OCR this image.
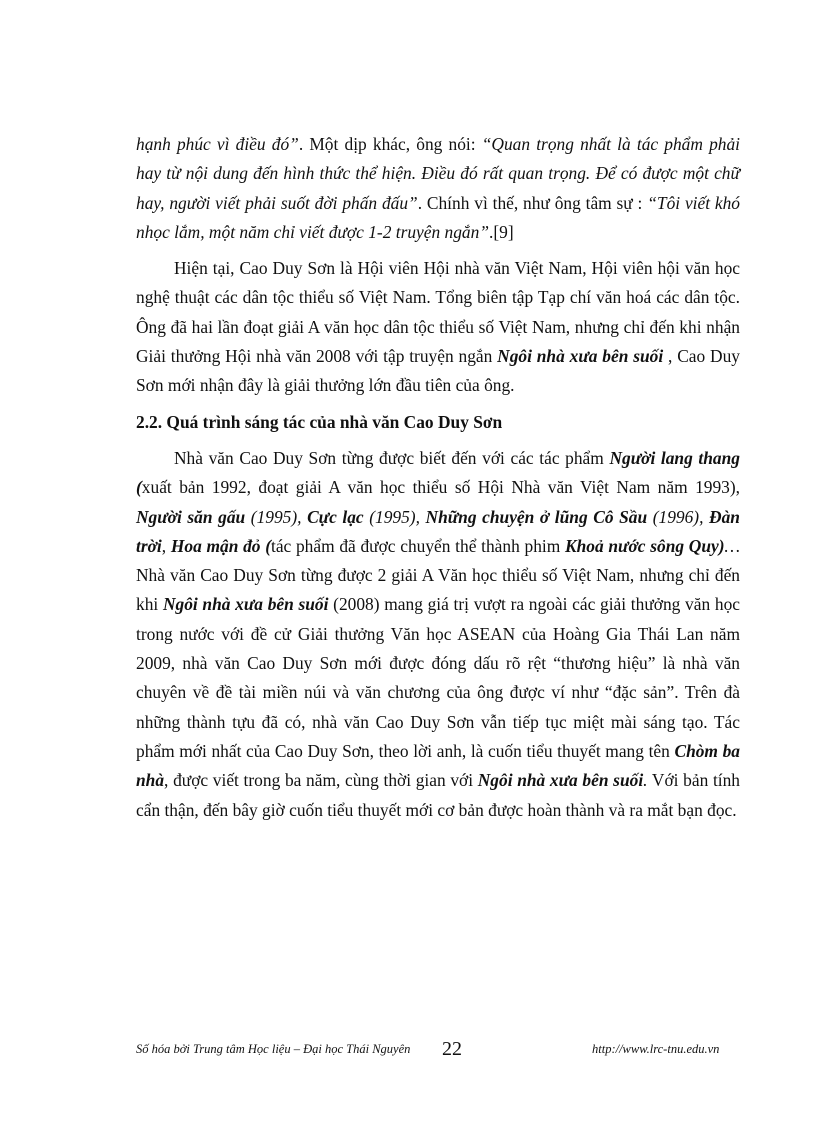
hạnh phúc vì điều đó”. Một dịp khác, ông nói: “Quan trọng nhất là tác phẩm phải hay từ nội dung đến hình thức thể hiện. Điều đó rất quan trọng. Để có được một chữ hay, người viết phải suốt đời phấn đấu”. Chính vì thế, như ông tâm sự : “Tôi viết khó nhọc lắm, một năm chỉ viết được 1-2 truyện ngắn”.[9]

Hiện tại, Cao Duy Sơn là Hội viên Hội nhà văn Việt Nam, Hội viên hội văn học nghệ thuật các dân tộc thiểu số Việt Nam. Tổng biên tập Tạp chí văn hoá các dân tộc. Ông đã hai lần đoạt giải A văn học dân tộc thiểu số Việt Nam, nhưng chỉ đến khi nhận Giải thưởng Hội nhà văn 2008 với tập truyện ngắn Ngôi nhà xưa bên suối , Cao Duy Sơn mới nhận đây là giải thưởng lớn đầu tiên của ông.

2.2. Quá trình sáng tác của nhà văn Cao Duy Sơn

Nhà văn Cao Duy Sơn từng được biết đến với các tác phẩm Người lang thang (xuất bản 1992, đoạt giải A văn học thiểu số Hội Nhà văn Việt Nam năm 1993), Người săn gấu (1995), Cực lạc (1995), Những chuyện ở lũng Cô Sầu (1996), Đàn trời, Hoa mận đỏ (tác phẩm đã được chuyển thể thành phim Khoả nước sông Quy)…Nhà văn Cao Duy Sơn từng được 2 giải A Văn học thiểu số Việt Nam, nhưng chỉ đến khi Ngôi nhà xưa bên suối (2008) mang giá trị vượt ra ngoài các giải thưởng văn học trong nước với đề cử Giải thưởng Văn học ASEAN của Hoàng Gia Thái Lan năm 2009, nhà văn Cao Duy Sơn mới được đóng dấu rõ rệt “thương hiệu” là nhà văn chuyên về đề tài miền núi và văn chương của ông được ví như “đặc sản”. Trên đà những thành tựu đã có, nhà văn Cao Duy Sơn vẫn tiếp tục miệt mài sáng tạo. Tác phẩm mới nhất của Cao Duy Sơn, theo lời anh, là cuốn tiểu thuyết mang tên Chòm ba nhà, được viết trong ba năm, cùng thời gian với Ngôi nhà xưa bên suối. Với bản tính cẩn thận, đến bây giờ cuốn tiểu thuyết mới cơ bản được hoàn thành và ra mắt bạn đọc.

Số hóa bởi Trung tâm Học liệu – Đại học Thái Nguyên 22	http://www.lrc-tnu.edu.vn
